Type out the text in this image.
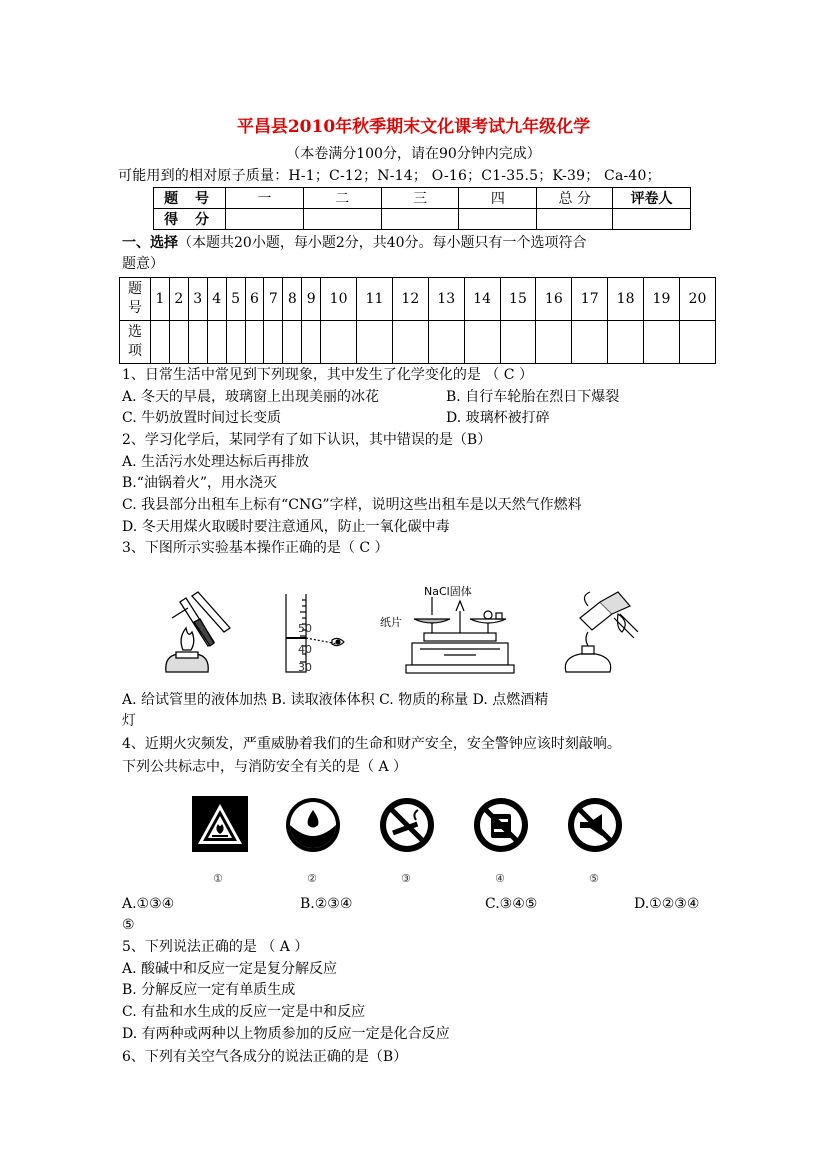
平昌县2010年秋季期末文化课考试九年级化学
（本卷满分100分，请在90分钟内完成）
可能用到的相对原子质量：H-1；C-12；N-14； O-16；C1-35.5；K-39； Ca-40；
题 号	一	二	三	四	总 分	评卷人
得 分						
一、选择（本题共20小题，每小题2分，共40分。每小题只有一个选项符合
题意）
题
号	1	2	3	4	5	6	7	8	9	10	11	12	13	14	15	16	17	18	19	20

选
项																				

1、日常生活中常见到下列现象，其中发生了化学变化的是 （ C ）
A. 冬天的早晨，玻璃窗上出现美丽的冰花	B. 自行车轮胎在烈日下爆裂
C. 牛奶放置时间过长变质	D. 玻璃杯被打碎
2、学习化学后，某同学有了如下认识，其中错误的是（B）
A. 生活污水处理达标后再排放
B.“油锅着火”，用水浇灭
C. 我县部分出租车上标有“CNG”字样，说明这些出租车是以天然气作燃料
D. 冬天用煤火取暖时要注意通风，防止一氧化碳中毒
3、下图所示实验基本操作正确的是（ C ）
50
40
30
NaCl固体
纸片
A. 给试管里的液体加热 B. 读取液体体积 C. 物质的称量 D. 点燃酒精
灯
4、近期火灾频发，严重威胁着我们的生命和财产安全，安全警钟应该时刻敲响。
下列公共标志中，与消防安全有关的是（ A ）
①	②	③	④	⑤
A.①③④	B.②③④	C.③④⑤	D.①②③④
⑤
5、下列说法正确的是 （ A ）
A. 酸碱中和反应一定是复分解反应
B. 分解反应一定有单质生成
C. 有盐和水生成的反应一定是中和反应
D. 有两种或两种以上物质参加的反应一定是化合反应
6、下列有关空气各成分的说法正确的是（B）
